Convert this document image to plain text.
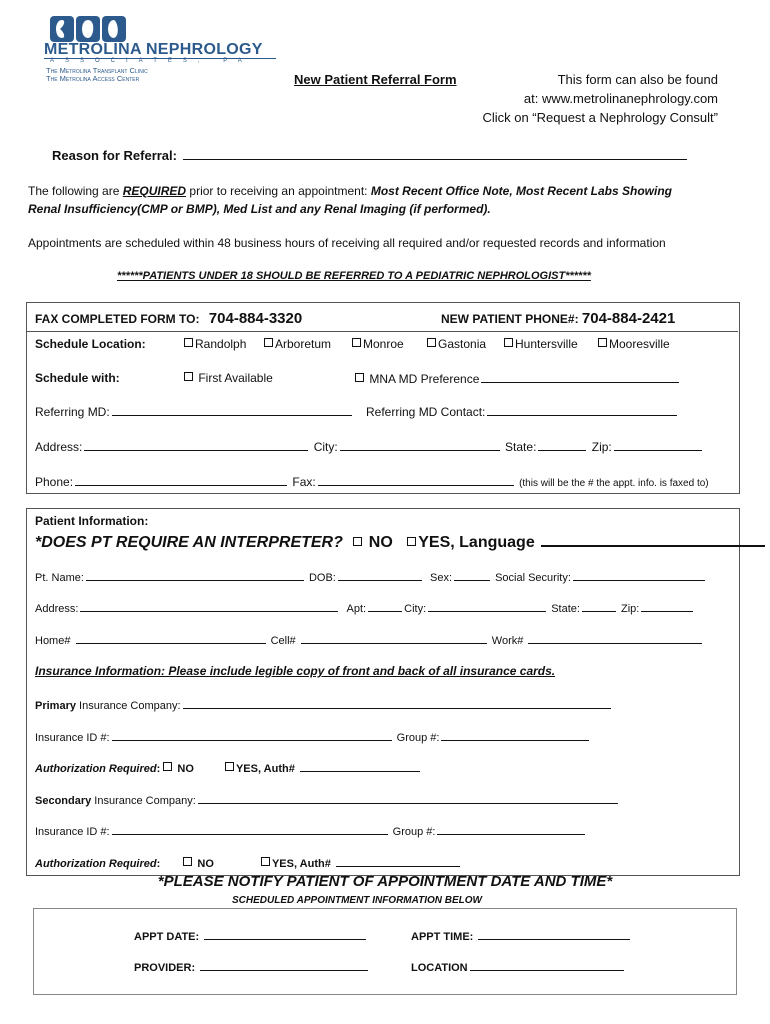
METROLINA NEPHROLOGY
ASSOCIATES, PA
The Metrolina Transplant Clinic
The Metrolina Access Center	New Patient Referral Form	This form can also be found
at: www.metrolinanephrology.com
Click on “Request a Nephrology Consult”
Reason for Referral:
The following are REQUIRED prior to receiving an appointment: Most Recent Office Note, Most Recent Labs Showing
Renal Insufficiency(CMP or BMP), Med List and any Renal Imaging (if performed).
Appointments are scheduled within 48 business hours of receiving all required and/or requested records and information
******PATIENTS UNDER 18 SHOULD BE REFERRED TO A PEDIATRIC NEPHROLOGIST******
FAX COMPLETED FORM TO: 704-884-3320	NEW PATIENT PHONE#: 704-884-2421
Schedule Location:	Randolph	Arboretum	Monroe	Gastonia	Huntersville	Mooresville
Schedule with:	First Available	MNA MD Preference
Referring MD:	Referring MD Contact:
Address:	City:	State:	Zip:
Phone:	Fax:	(this will be the # the appt. info. is faxed to)
Patient Information:
*DOES PT REQUIRE AN INTERPRETER? NO YES, Language
Pt. Name:	DOB:	Sex:	Social Security:
Address:	Apt:	City:	State:	Zip:
Home#	Cell#	Work#
Insurance Information: Please include legible copy of front and back of all insurance cards.
Primary Insurance Company:
Insurance ID #:	Group #:
Authorization Required:  NO	YES, Auth#
Secondary Insurance Company:
Insurance ID #:	Group #:
Authorization Required:	NO	YES, Auth#
*PLEASE NOTIFY PATIENT OF APPOINTMENT DATE AND TIME*
SCHEDULED APPOINTMENT INFORMATION BELOW
APPT DATE:	APPT TIME:
PROVIDER:	LOCATION
